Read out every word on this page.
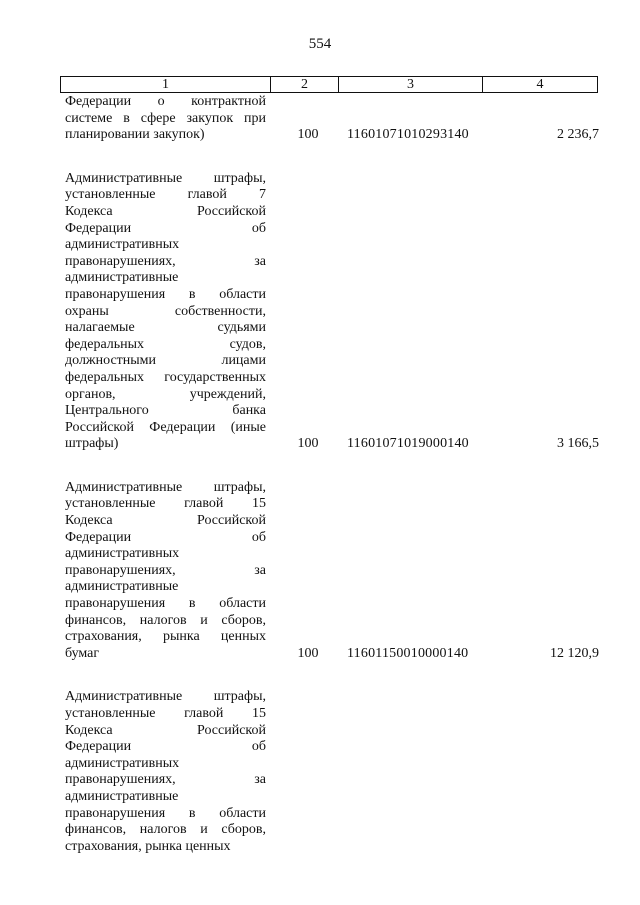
554
1	2	3	4
Федерации о контрактной
системе в сфере закупок при
планировании закупок)	100	11601071010293140	2 236,7
Административные штрафы,
установленные главой 7
Кодекса Российской
Федерации об
административных
правонарушениях, за
административные
правонарушения в области
охраны собственности,
налагаемые судьями
федеральных судов,
должностными лицами
федеральных государственных
органов, учреждений,
Центрального банка
Российской Федерации (иные
штрафы)	100	11601071019000140	3 166,5
Административные штрафы,
установленные главой 15
Кодекса Российской
Федерации об
административных
правонарушениях, за
административные
правонарушения в области
финансов, налогов и сборов,
страхования, рынка ценных
бумаг	100	11601150010000140	12 120,9
Административные штрафы,
установленные главой 15
Кодекса Российской
Федерации об
административных
правонарушениях, за
административные
правонарушения в области
финансов, налогов и сборов,
страхования, рынка ценных
